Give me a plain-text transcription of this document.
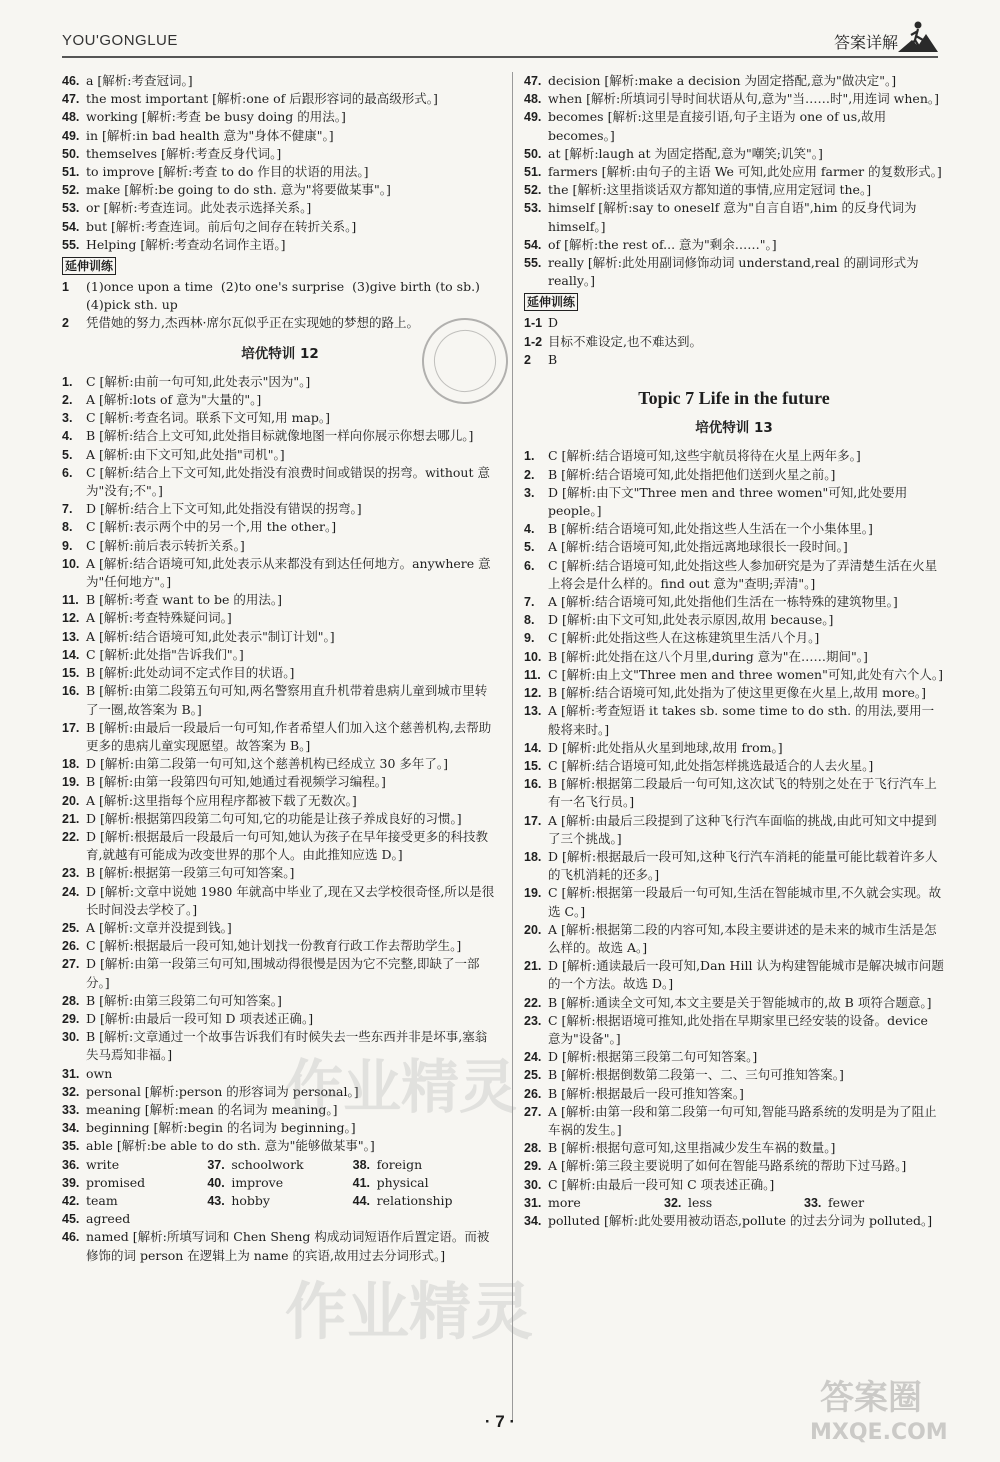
YOU'GONGLUE	答案详解
46. a [解析:考查冠词。]
47. the most important [解析:one of 后跟形容词的最高级形式。]
48. working [解析:考查 be busy doing 的用法。]
49. in [解析:in bad health 意为"身体不健康"。]
50. themselves [解析:考查反身代词。]
51. to improve [解析:考查 to do 作目的状语的用法。]
52. make [解析:be going to do sth. 意为"将要做某事"。]
53. or [解析:考查连词。此处表示选择关系。]
54. but [解析:考查连词。前后句之间存在转折关系。]
55. Helping [解析:考查动名词作主语。]
延伸训练
1	(1)once upon a time  (2)to one's surprise  (3)give birth (to sb.)  (4)pick sth. up
2	凭借她的努力,杰西林·席尔瓦似乎正在实现她的梦想的路上。
培优特训 12
1.	C [解析:由前一句可知,此处表示"因为"。]
2.	A [解析:lots of 意为"大量的"。]
3.	C [解析:考查名词。联系下文可知,用 map。]
4.	B [解析:结合上文可知,此处指目标就像地图一样向你展示你想去哪儿。]
5.	A [解析:由下文可知,此处指"司机"。]
6.	C [解析:结合上下文可知,此处指没有浪费时间或错误的拐弯。without 意为"没有;不"。]
7.	D [解析:结合上下文可知,此处指没有错误的拐弯。]
8.	C [解析:表示两个中的另一个,用 the other。]
9.	C [解析:前后表示转折关系。]
10. A [解析:结合语境可知,此处表示从来都没有到达任何地方。anywhere 意为"任何地方"。]
11. B [解析:考查 want to be 的用法。]
12. A [解析:考查特殊疑问词。]
13. A [解析:结合语境可知,此处表示"制订计划"。]
14. C [解析:此处指"告诉我们"。]
15. B [解析:此处动词不定式作目的状语。]
16. B [解析:由第二段第五句可知,两名警察用直升机带着患病儿童到城市里转了一圈,故答案为 B。]
17. B [解析:由最后一段最后一句可知,作者希望人们加入这个慈善机构,去帮助更多的患病儿童实现愿望。故答案为 B。]
18. D [解析:由第二段第一句可知,这个慈善机构已经成立 30 多年了。]
19. B [解析:由第一段第四句可知,她通过看视频学习编程。]
20. A [解析:这里指每个应用程序都被下载了无数次。]
21. D [解析:根据第四段第二句可知,它的功能是让孩子养成良好的习惯。]
22. D [解析:根据最后一段最后一句可知,她认为孩子在早年接受更多的科技教育,就越有可能成为改变世界的那个人。由此推知应选 D。]
23. B [解析:根据第一段第三句可知答案。]
24. D [解析:文章中说她 1980 年就高中毕业了,现在又去学校很奇怪,所以是很长时间没去学校了。]
25. A [解析:文章并没提到钱。]
26. C [解析:根据最后一段可知,她计划找一份教育行政工作去帮助学生。]
27. D [解析:由第一段第三句可知,围城动得很慢是因为它不完整,即缺了一部分。]
28. B [解析:由第三段第二句可知答案。]
29. D [解析:由最后一段可知 D 项表述正确。]
30. B [解析:文章通过一个故事告诉我们有时候失去一些东西并非是坏事,塞翁失马焉知非福。]
31. own
32. personal [解析:person 的形容词为 personal。]
33. meaning [解析:mean 的名词为 meaning。]
34. beginning [解析:begin 的名词为 beginning。]
35. able [解析:be able to do sth. 意为"能够做某事"。]
36. write	37. schoolwork	38. foreign
39. promised	40. improve	41. physical
42. team	43. hobby	44. relationship
45. agreed
46. named [解析:所填写词和 Chen Sheng 构成动词短语作后置定语。而被修饰的词 person 在逻辑上为 name 的宾语,故用过去分词形式。]
47. decision [解析:make a decision 为固定搭配,意为"做决定"。]
48. when [解析:所填词引导时间状语从句,意为"当……时",用连词 when。]
49. becomes [解析:这里是直接引语,句子主语为 one of us,故用 becomes。]
50. at [解析:laugh at 为固定搭配,意为"嘲笑;讥笑"。]
51. farmers [解析:由句子的主语 We 可知,此处应用 farmer 的复数形式。]
52. the [解析:这里指谈话双方都知道的事情,应用定冠词 the。]
53. himself [解析:say to oneself 意为"自言自语",him 的反身代词为 himself。]
54. of [解析:the rest of... 意为"剩余……"。]
55. really [解析:此处用副词修饰动词 understand,real 的副词形式为 really。]
延伸训练
1-1 D
1-2 目标不难设定,也不难达到。
2	B
Topic 7 Life in the future
培优特训 13
1.	C [解析:结合语境可知,这些宇航员将待在火星上两年多。]
2.	B [解析:结合语境可知,此处指把他们送到火星之前。]
3.	D [解析:由下文"Three men and three women"可知,此处要用 people。]
4.	B [解析:结合语境可知,此处指这些人生活在一个小集体里。]
5.	A [解析:结合语境可知,此处指远离地球很长一段时间。]
6.	C [解析:结合语境可知,此处指这些人参加研究是为了弄清楚生活在火星上将会是什么样的。find out 意为"查明;弄清"。]
7.	A [解析:结合语境可知,此处指他们生活在一栋特殊的建筑物里。]
8.	D [解析:由下文可知,此处表示原因,故用 because。]
9.	C [解析:此处指这些人在这栋建筑里生活八个月。]
10. B [解析:此处指在这八个月里,during 意为"在……期间"。]
11. C [解析:由上文"Three men and three women"可知,此处有六个人。]
12. B [解析:结合语境可知,此处指为了使这里更像在火星上,故用 more。]
13. A [解析:考查短语 it takes sb. some time to do sth. 的用法,要用一般将来时。]
14. D [解析:此处指从火星到地球,故用 from。]
15. C [解析:结合语境可知,此处指怎样挑选最适合的人去火星。]
16. B [解析:根据第二段最后一句可知,这次试飞的特别之处在于飞行汽车上有一名飞行员。]
17. A [解析:由最后三段提到了这种飞行汽车面临的挑战,由此可知文中提到了三个挑战。]
18. D [解析:根据最后一段可知,这种飞行汽车消耗的能量可能比载着许多人的飞机消耗的还多。]
19. C [解析:根据第一段最后一句可知,生活在智能城市里,不久就会实现。故选 C。]
20. A [解析:根据第二段的内容可知,本段主要讲述的是未来的城市生活是怎么样的。故选 A。]
21. D [解析:通读最后一段可知,Dan Hill 认为构建智能城市是解决城市问题的一个方法。故选 D。]
22. B [解析:通读全文可知,本文主要是关于智能城市的,故 B 项符合题意。]
23. C [解析:根据语境可推知,此处指在早期家里已经安装的设备。device 意为"设备"。]
24. D [解析:根据第三段第二句可知答案。]
25. B [解析:根据倒数第二段第一、二、三句可推知答案。]
26. B [解析:根据最后一段可推知答案。]
27. A [解析:由第一段和第二段第一句可知,智能马路系统的发明是为了阻止车祸的发生。]
28. B [解析:根据句意可知,这里指减少发生车祸的数量。]
29. A [解析:第三段主要说明了如何在智能马路系统的帮助下过马路。]
30. C [解析:由最后一段可知 C 项表述正确。]
31. more	32. less	33. fewer
34. polluted [解析:此处要用被动语态,pollute 的过去分词为 polluted。]
作业精灵
作业精灵
答案圈
MXQE.COM
· 7 ·
